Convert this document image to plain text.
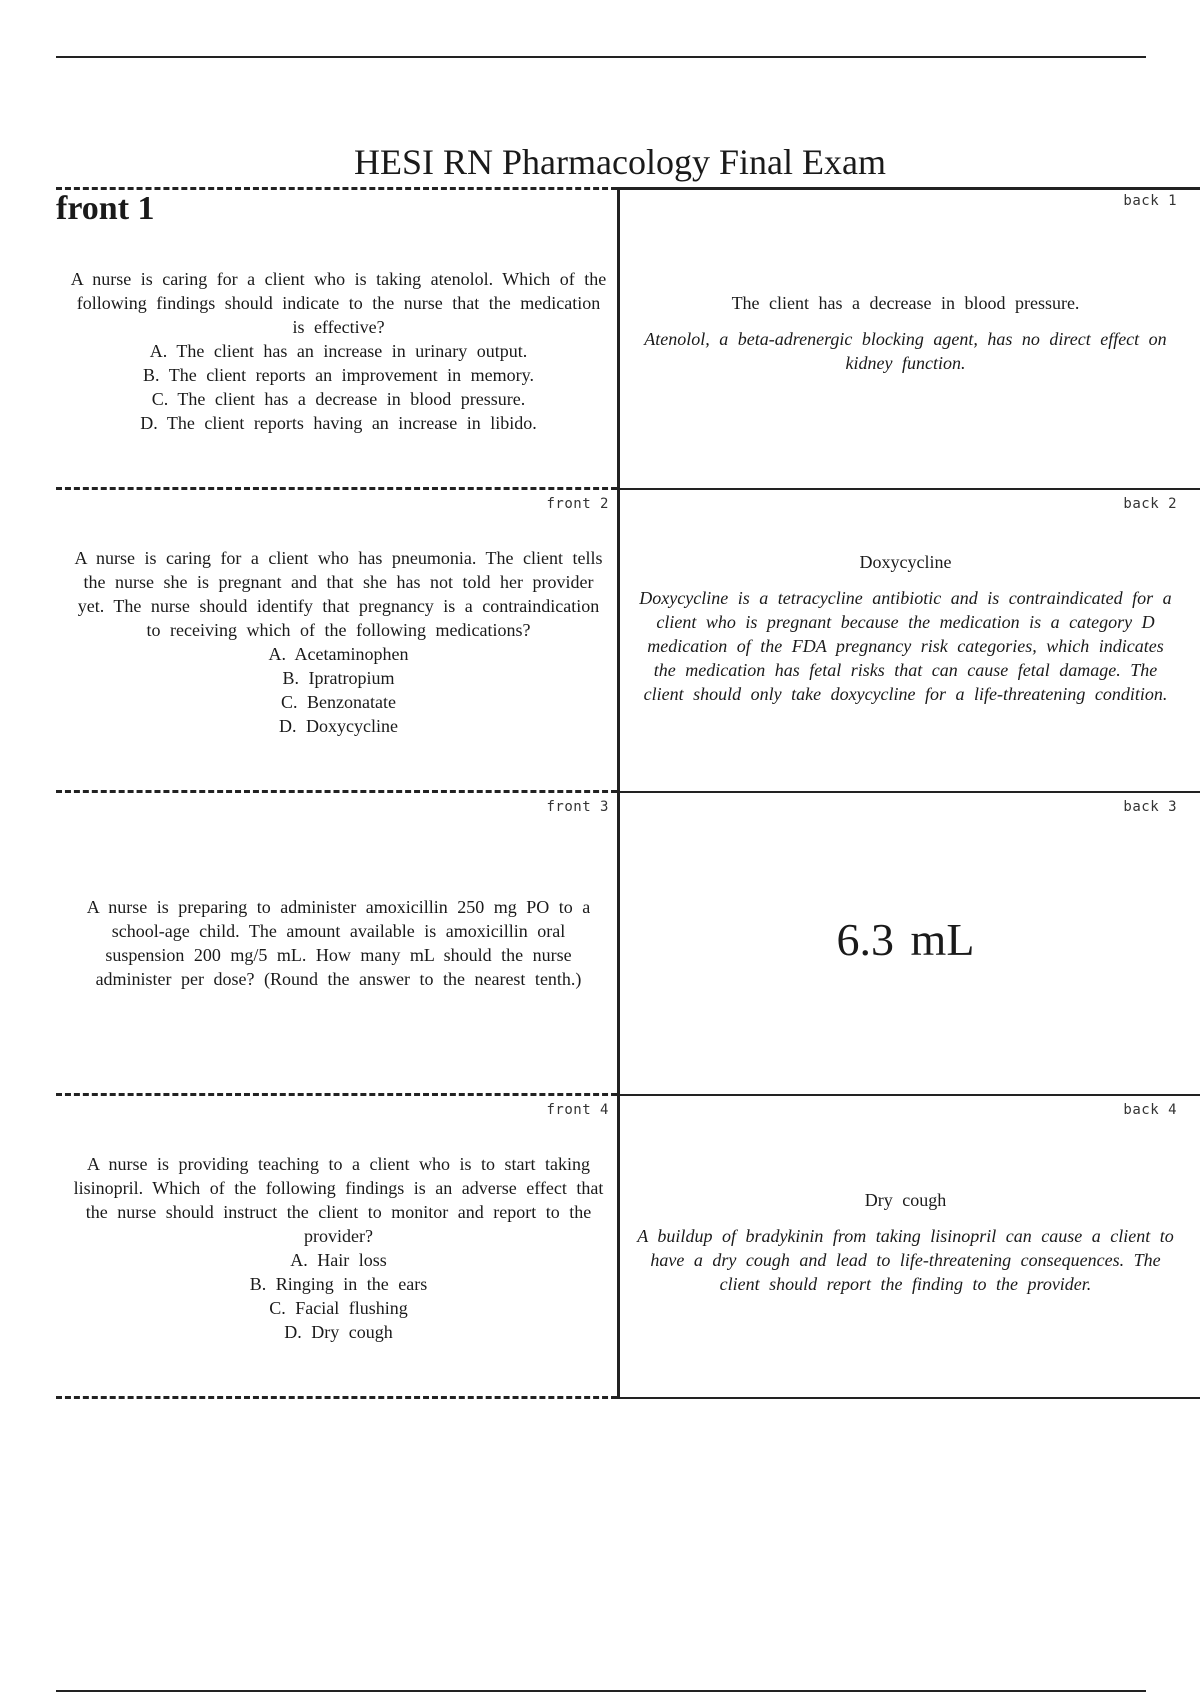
HESI RN Pharmacology Final Exam
front 1
A nurse is caring for a client who is taking atenolol. Which of the following findings should indicate to the nurse that the medication is effective?
A. The client has an increase in urinary output.
B. The client reports an improvement in memory.
C. The client has a decrease in blood pressure.
D. The client reports having an increase in libido.
back 1
The client has a decrease in blood pressure.
Atenolol, a beta-adrenergic blocking agent, has no direct effect on kidney function.
front 2
A nurse is caring for a client who has pneumonia. The client tells the nurse she is pregnant and that she has not told her provider yet. The nurse should identify that pregnancy is a contraindication to receiving which of the following medications?
A. Acetaminophen
B. Ipratropium
C. Benzonatate
D. Doxycycline
back 2
Doxycycline
Doxycycline is a tetracycline antibiotic and is contraindicated for a client who is pregnant because the medication is a category D medication of the FDA pregnancy risk categories, which indicates the medication has fetal risks that can cause fetal damage. The client should only take doxycycline for a life-threatening condition.
front 3
A nurse is preparing to administer amoxicillin 250 mg PO to a school-age child. The amount available is amoxicillin oral suspension 200 mg/5 mL. How many mL should the nurse administer per dose? (Round the answer to the nearest tenth.)
back 3
6.3 mL
front 4
A nurse is providing teaching to a client who is to start taking lisinopril. Which of the following findings is an adverse effect that the nurse should instruct the client to monitor and report to the provider?
A. Hair loss
B. Ringing in the ears
C. Facial flushing
D. Dry cough
back 4
Dry cough
A buildup of bradykinin from taking lisinopril can cause a client to have a dry cough and lead to life-threatening consequences. The client should report the finding to the provider.
